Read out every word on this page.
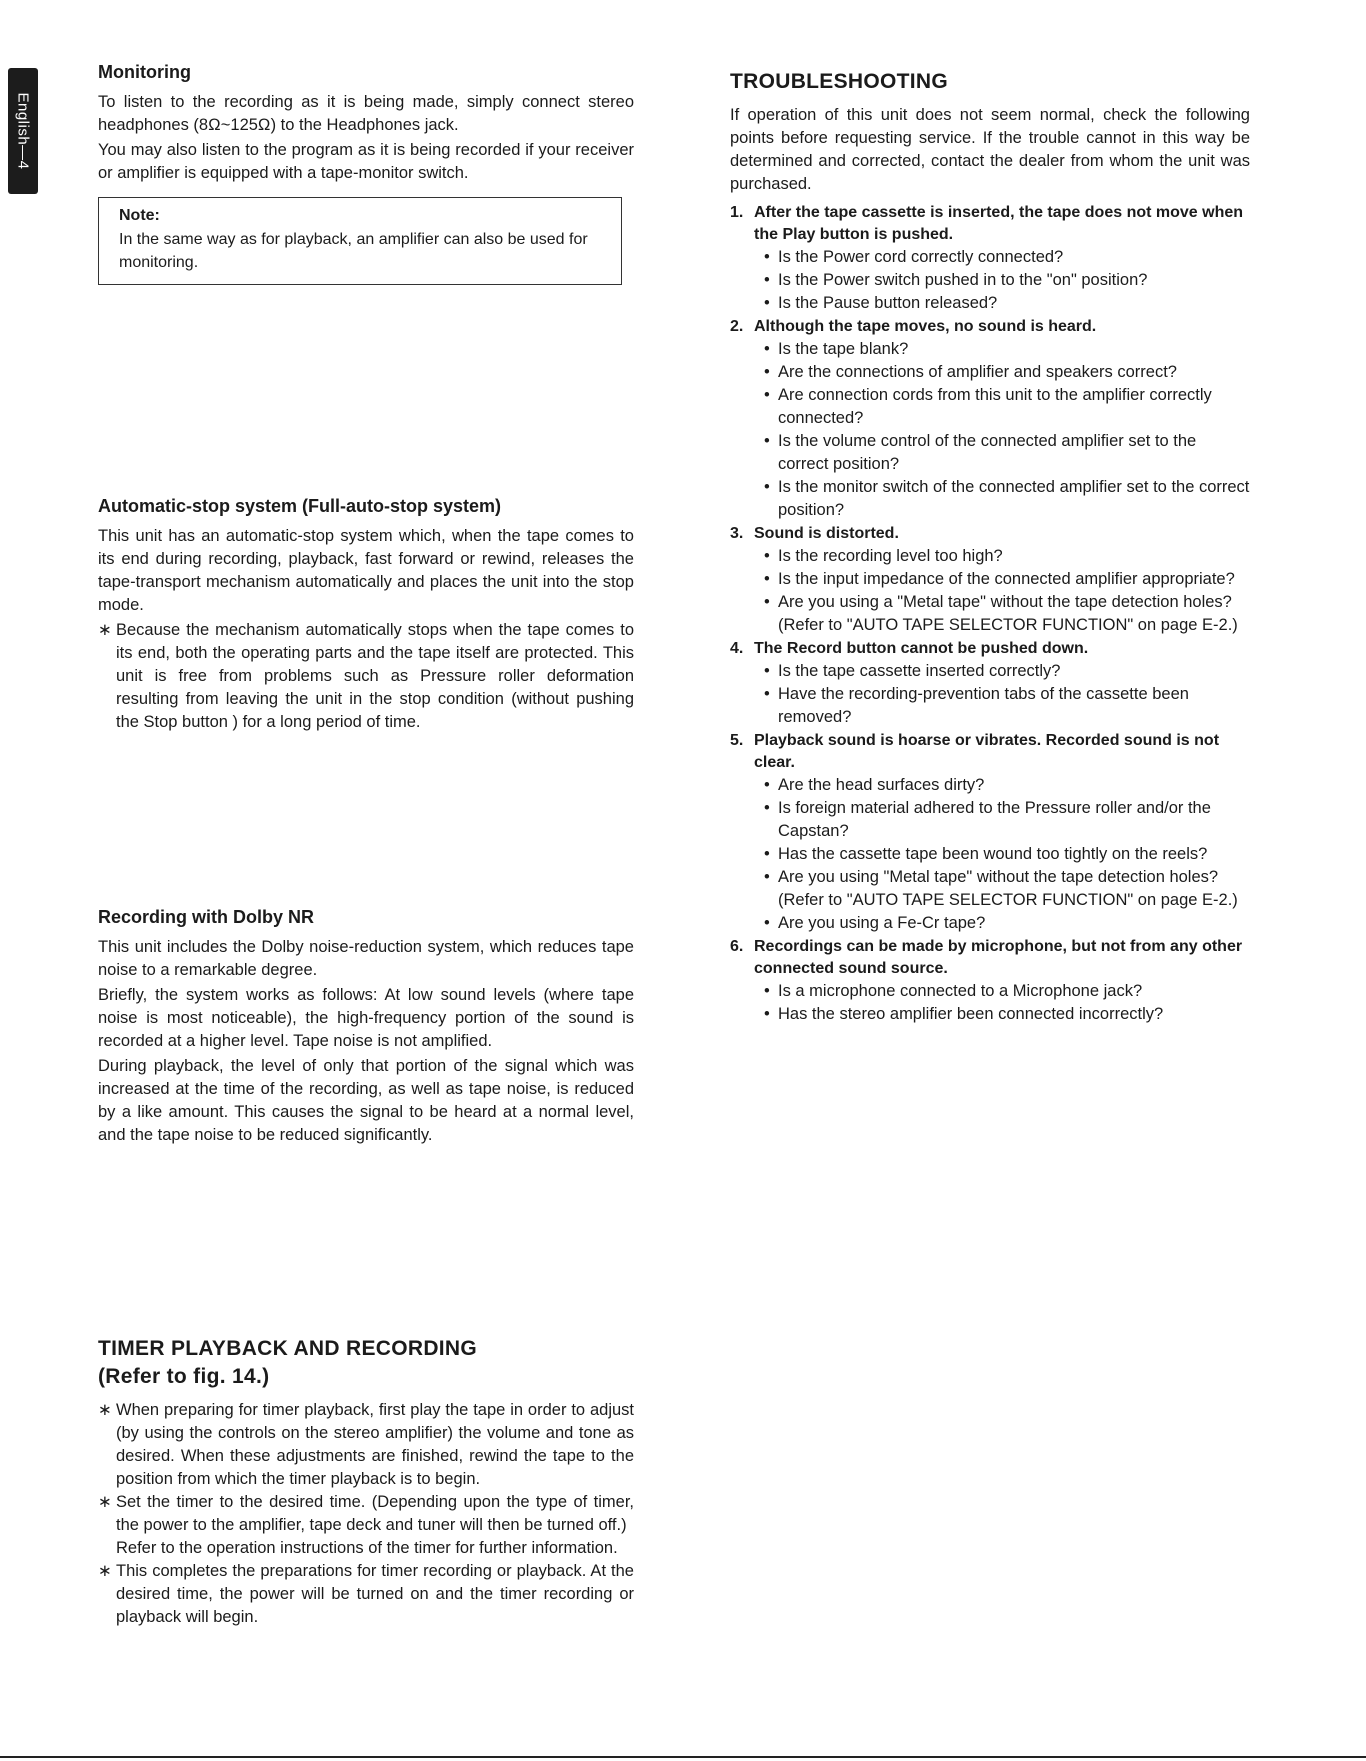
English—4
Monitoring

To listen to the recording as it is being made, simply connect stereo headphones (8Ω~125Ω) to the Headphones jack.

You may also listen to the program as it is being recorded if your receiver or amplifier is equipped with a tape-monitor switch.

Note:

In the same way as for playback, an amplifier can also be used for monitoring.

Automatic-stop system (Full-auto-stop system)

This unit has an automatic-stop system which, when the tape comes to its end during recording, playback, fast forward or rewind, releases the tape-transport mechanism automatically and places the unit into the stop mode.

∗ Because the mechanism automatically stops when the tape comes to its end, both the operating parts and the tape itself are protected. This unit is free from problems such as Pressure roller deformation resulting from leaving the unit in the stop condition (without pushing the Stop button ) for a long period of time.
Recording with Dolby NR

This unit includes the Dolby noise-reduction system, which reduces tape noise to a remarkable degree.

Briefly, the system works as follows: At low sound levels (where tape noise is most noticeable), the high-frequency portion of the sound is recorded at a higher level. Tape noise is not amplified.

During playback, the level of only that portion of the signal which was increased at the time of the recording, as well as tape noise, is reduced by a like amount. This causes the signal to be heard at a normal level, and the tape noise to be reduced significantly.

TIMER PLAYBACK AND RECORDING
(Refer to fig. 14.)
∗ When preparing for timer playback, first play the tape in order to adjust (by using the controls on the stereo amplifier) the volume and tone as desired. When these adjustments are finished, rewind the tape to the position from which the timer playback is to begin.
∗ Set the timer to the desired time. (Depending upon the type of timer, the power to the amplifier, tape deck and tuner will then be turned off.)
Refer to the operation instructions of the timer for further information.
∗ This completes the preparations for timer recording or playback. At the desired time, the power will be turned on and the timer recording or playback will begin.
TROUBLESHOOTING

If operation of this unit does not seem normal, check the following points before requesting service. If the trouble cannot in this way be determined and corrected, contact the dealer from whom the unit was purchased.

1. After the tape cassette is inserted, the tape does not move when the Play button is pushed.
• Is the Power cord correctly connected?
• Is the Power switch pushed in to the "on" position?
• Is the Pause button released?
2. Although the tape moves, no sound is heard.
• Is the tape blank?
• Are the connections of amplifier and speakers correct?
• Are connection cords from this unit to the amplifier correctly connected?
• Is the volume control of the connected amplifier set to the correct position?
• Is the monitor switch of the connected amplifier set to the correct position?
3. Sound is distorted.
• Is the recording level too high?
• Is the input impedance of the connected amplifier appropriate?
• Are you using a "Metal tape" without the tape detection holes? (Refer to "AUTO TAPE SELECTOR FUNCTION" on page E-2.)
4. The Record button cannot be pushed down.
• Is the tape cassette inserted correctly?
• Have the recording-prevention tabs of the cassette been removed?
5. Playback sound is hoarse or vibrates. Recorded sound is not clear.
• Are the head surfaces dirty?
• Is foreign material adhered to the Pressure roller and/or the Capstan?
• Has the cassette tape been wound too tightly on the reels?
• Are you using "Metal tape" without the tape detection holes? (Refer to "AUTO TAPE SELECTOR FUNCTION" on page E-2.)
• Are you using a Fe-Cr tape?
6. Recordings can be made by microphone, but not from any other connected sound source.
• Is a microphone connected to a Microphone jack?
• Has the stereo amplifier been connected incorrectly?
